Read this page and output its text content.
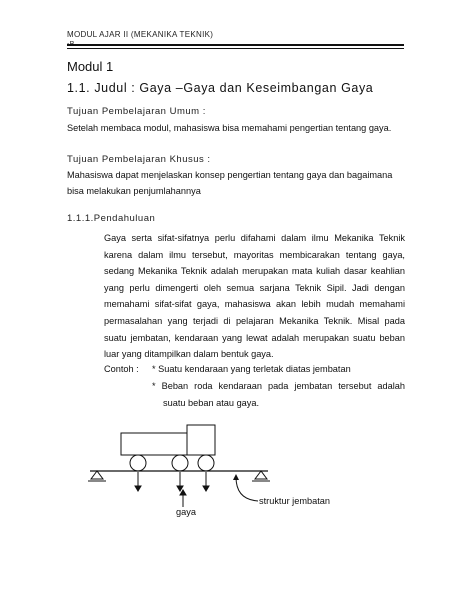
MODUL AJAR II (MEKANIKA TEKNIK)
Modul 1
1.1. Judul : Gaya –Gaya dan Keseimbangan Gaya
Tujuan Pembelajaran Umum :
Setelah membaca modul, mahasiswa bisa memahami pengertian tentang gaya.
Tujuan Pembelajaran Khusus :
Mahasiswa dapat menjelaskan konsep pengertian tentang gaya dan bagaimana
bisa melakukan penjumlahannya
1.1.1.Pendahuluan
Gaya serta sifat-sifatnya perlu difahami dalam ilmu Mekanika Teknik
karena dalam ilmu tersebut, mayoritas membicarakan tentang gaya,
sedang Mekanika Teknik adalah merupakan mata kuliah dasar keahlian
yang perlu dimengerti oleh semua sarjana Teknik Sipil. Jadi dengan
memahami sifat-sifat gaya, mahasiswa akan lebih mudah memahami
permasalahan yang terjadi di pelajaran Mekanika Teknik. Misal pada
suatu jembatan, kendaraan yang lewat adalah merupakan suatu beban
luar yang ditampilkan dalam bentuk gaya.
Contoh : * Suatu kendaraan yang terletak diatas jembatan
* Beban roda kendaraan pada jembatan tersebut adalah
suatu beban atau gaya.
struktur jembatan
gaya
